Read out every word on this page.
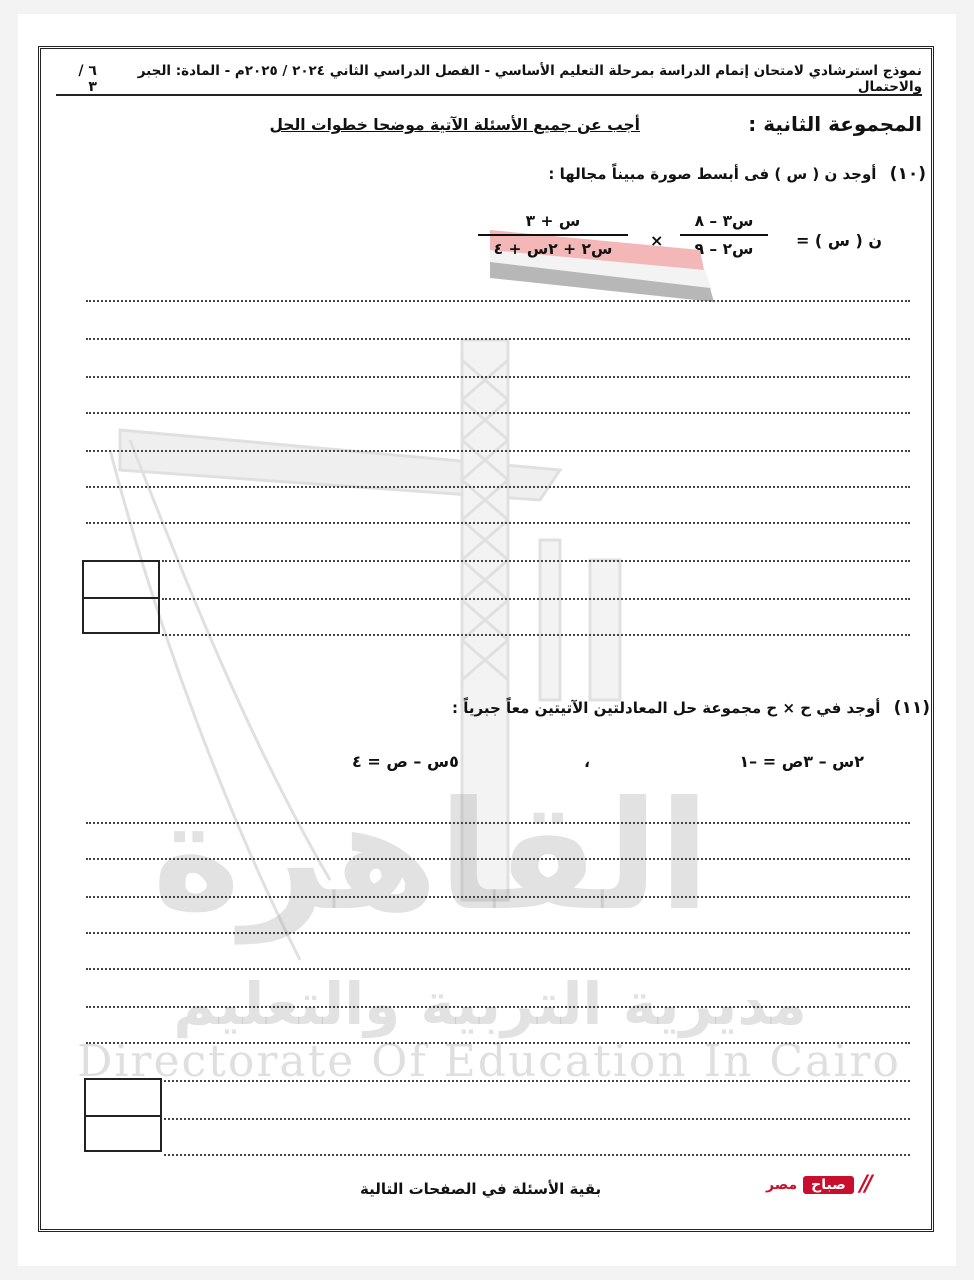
القاهرة
مديرية التربية والتعليم
Directorate Of Education In Cairo
نموذج استرشادي لامتحان إتمام الدراسة بمرحلة التعليم الأساسي - الفصل الدراسي الثاني ٢٠٢٤ / ٢٠٢٥م - المادة: الجبر والاحتمال
٦ / ٣
المجموعة الثانية :
أجب عن جميع الأسئلة الآتية موضحا خطوات الحل
(١٠) أوجد ن ( س ) فى أبسط صورة مبيناً مجالها :
ن ( س ) =
س٣ – ٨
س٢ – ٩
×
س + ٣
س٢ + ٢س + ٤
(١١) أوجد في ح × ح مجموعة حل المعادلتين الآتيتين معاً جبرياً :
٢س – ٣ص = –١
،
٥س – ص = ٤
بقية الأسئلة في الصفحات التالية	//
صباح
مصر
